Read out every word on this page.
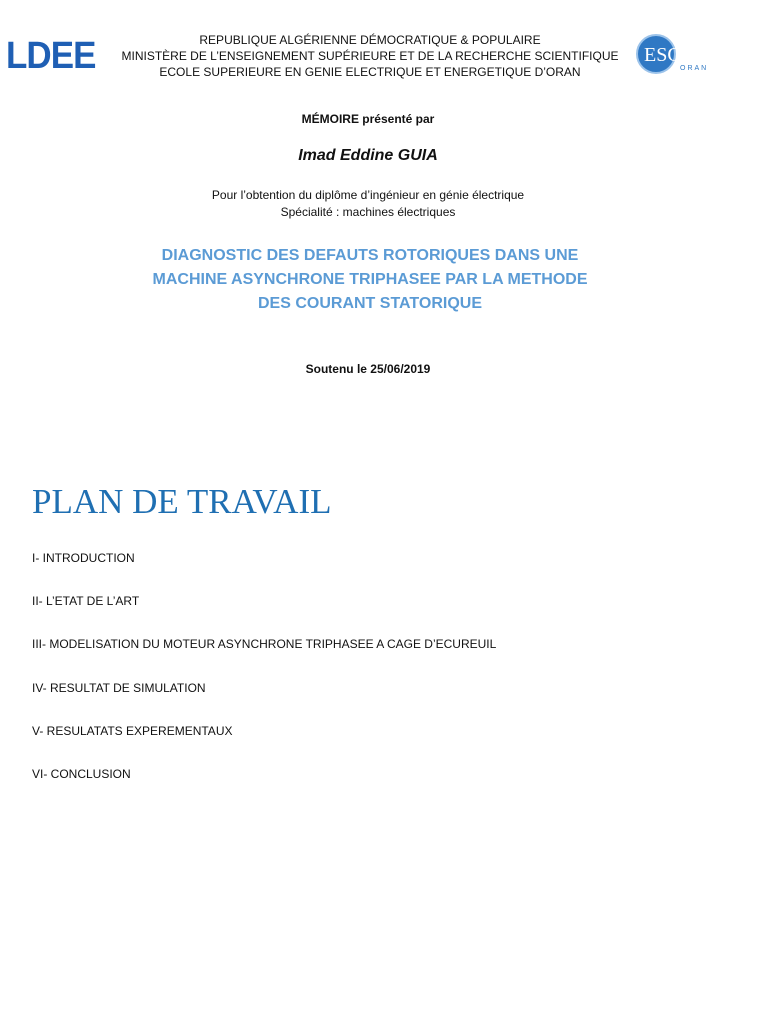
LDEE	ESG2E
ORAN
REPUBLIQUE ALGÉRIENNE DÉMOCRATIQUE & POPULAIRE
MINISTÈRE DE L’ENSEIGNEMENT SUPÉRIEURE ET DE LA RECHERCHE SCIENTIFIQUE
ECOLE SUPERIEURE EN GENIE ELECTRIQUE ET ENERGETIQUE D’ORAN
MÉMOIRE présenté par
Imad Eddine GUIA
Pour l’obtention du diplôme d’ingénieur en génie électrique
Spécialité : machines électriques
DIAGNOSTIC DES DEFAUTS ROTORIQUES DANS UNE
MACHINE ASYNCHRONE TRIPHASEE PAR LA METHODE
DES COURANT STATORIQUE
Soutenu le 25/06/2019
PLAN DE TRAVAIL
I- INTRODUCTION
II- L’ETAT DE L’ART
III- MODELISATION DU MOTEUR ASYNCHRONE TRIPHASEE A CAGE D’ECUREUIL
IV- RESULTAT DE SIMULATION
V- RESULATATS EXPEREMENTAUX
VI- CONCLUSION
